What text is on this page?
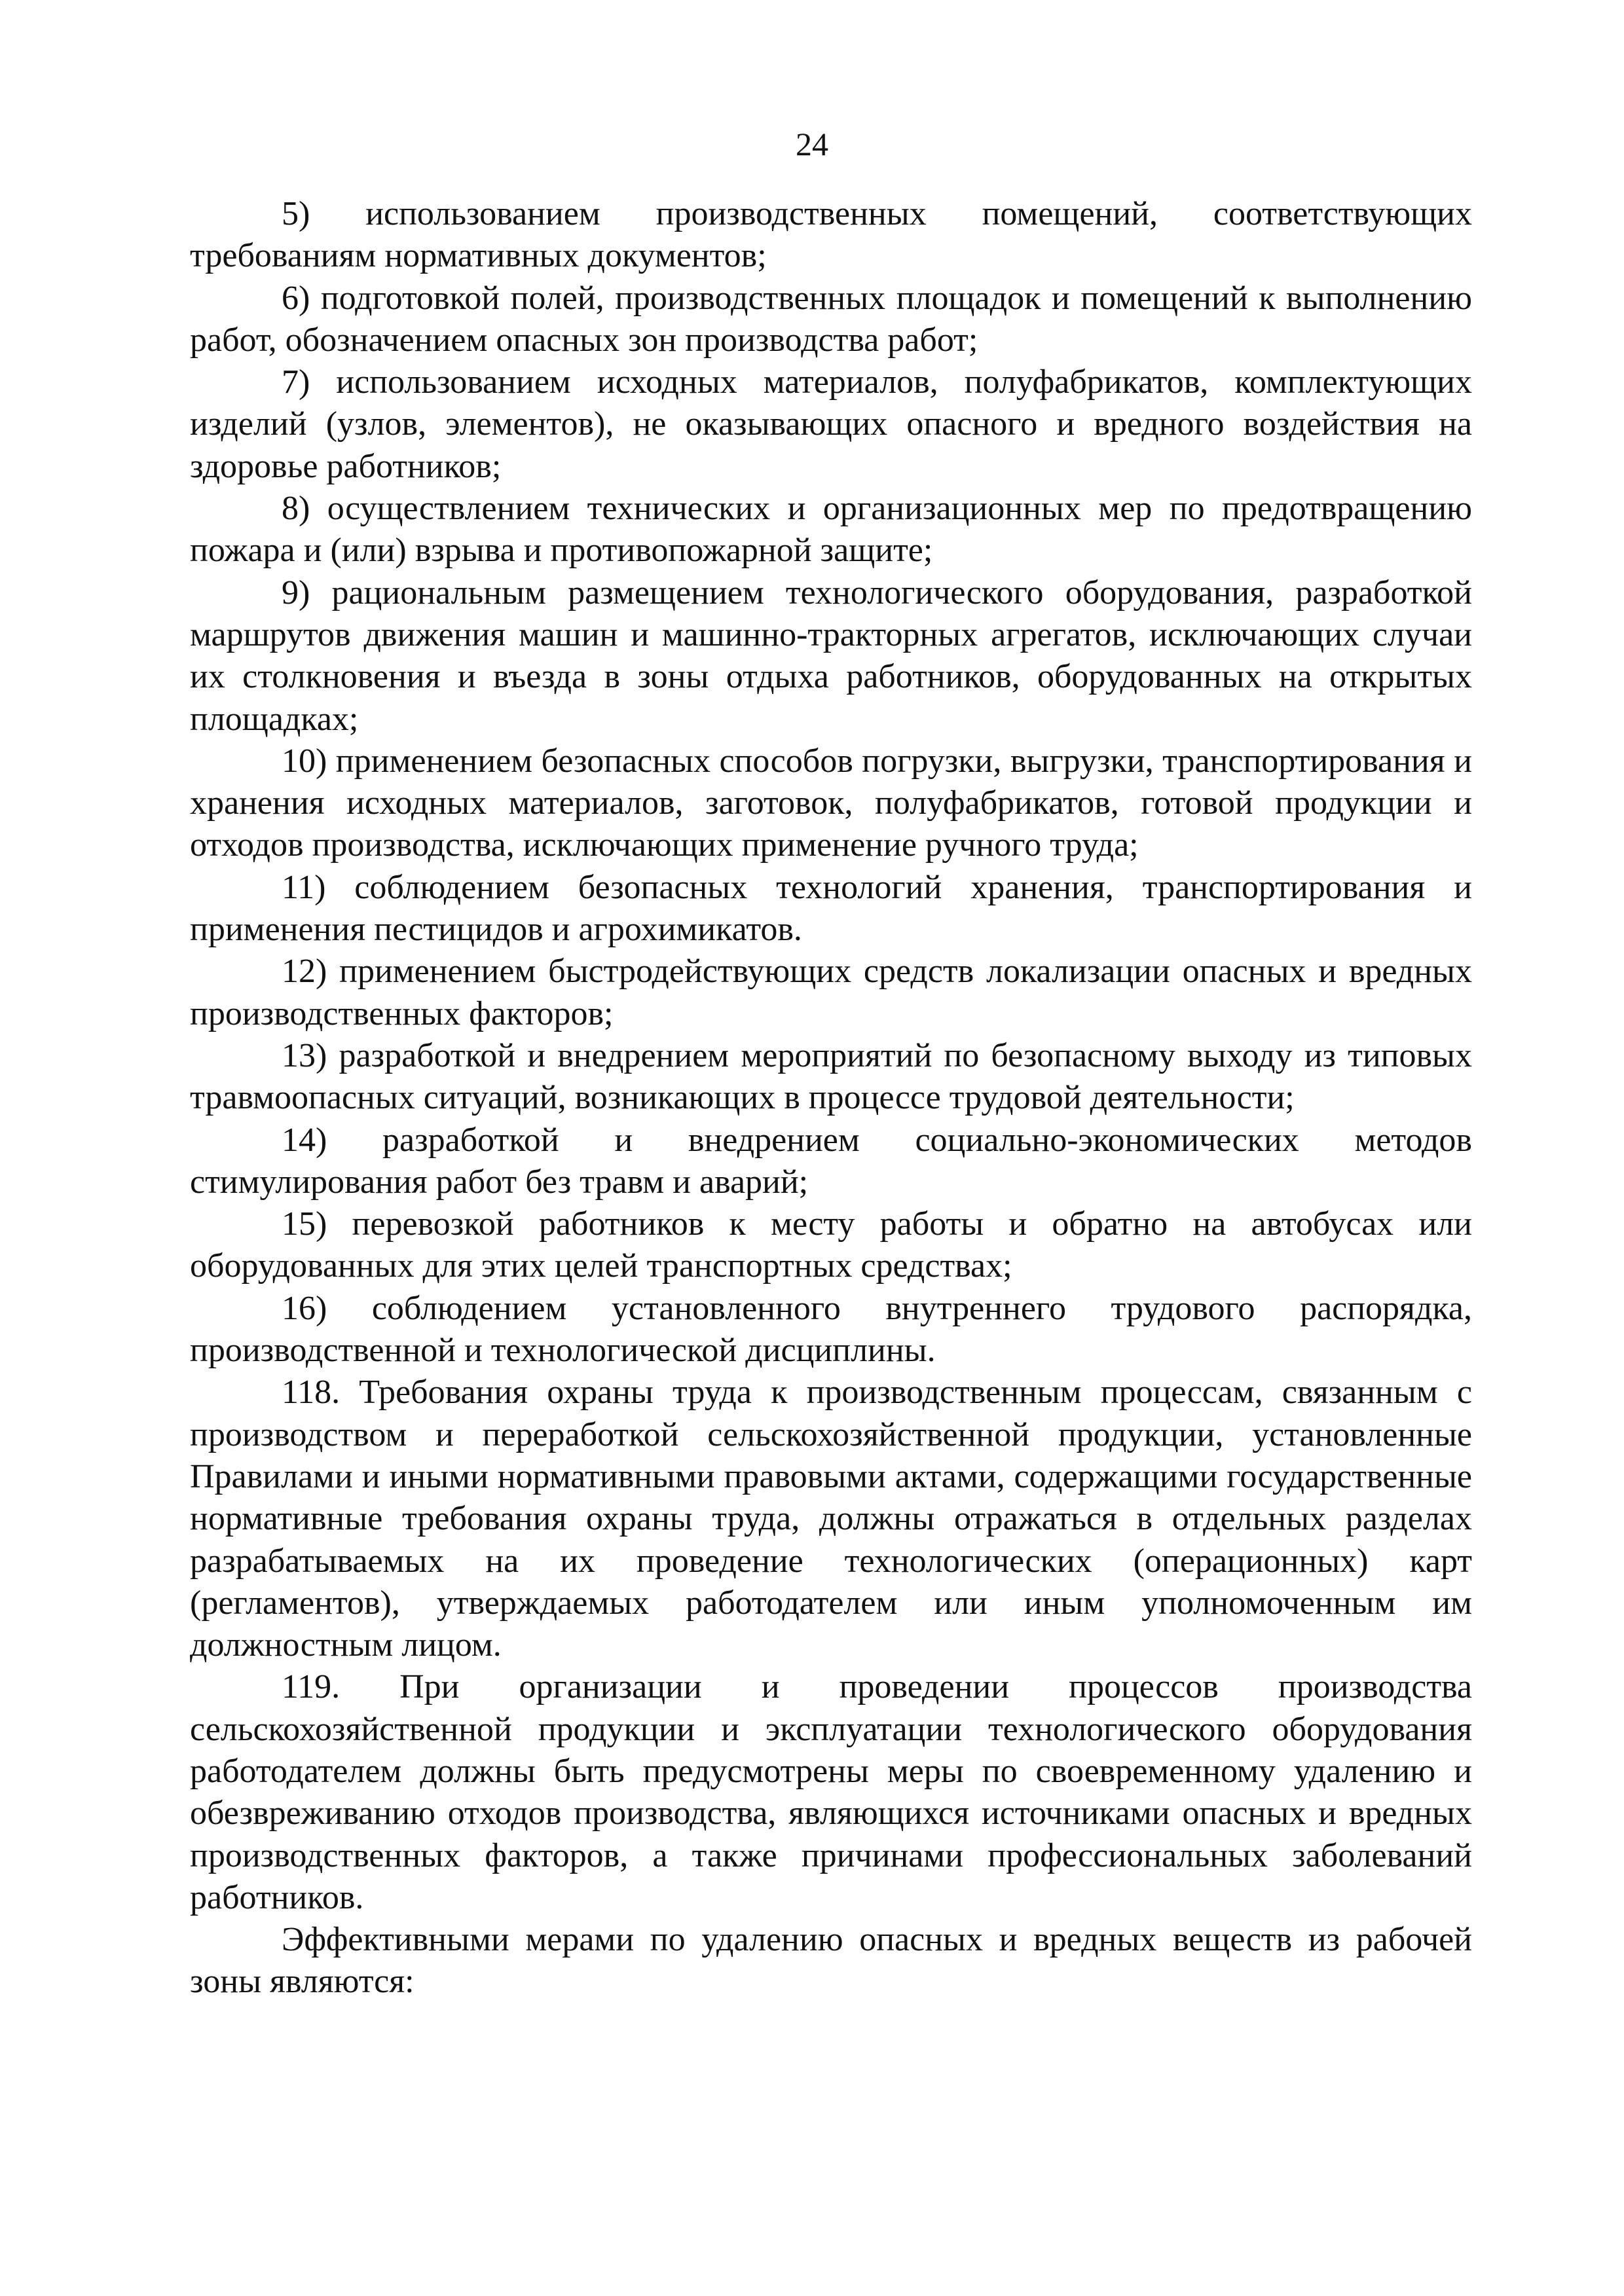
24

5) использованием производственных помещений, соответствующих требованиям нормативных документов;

6) подготовкой полей, производственных площадок и помещений к выполнению работ, обозначением опасных зон производства работ;

7) использованием исходных материалов, полуфабрикатов, комплектующих изделий (узлов, элементов), не оказывающих опасного и вредного воздействия на здоровье работников;

8) осуществлением технических и организационных мер по предотвращению пожара и (или) взрыва и противопожарной защите;

9) рациональным размещением технологического оборудования, разработкой маршрутов движения машин и машинно-тракторных агрегатов, исключающих случаи их столкновения и въезда в зоны отдыха работников, оборудованных на открытых площадках;

10) применением безопасных способов погрузки, выгрузки, транспортирования и хранения исходных материалов, заготовок, полуфабрикатов, готовой продукции и отходов производства, исключающих применение ручного труда;

11) соблюдением безопасных технологий хранения, транспортирования и применения пестицидов и агрохимикатов.

12) применением быстродействующих средств локализации опасных и вредных производственных факторов;

13) разработкой и внедрением мероприятий по безопасному выходу из типовых травмоопасных ситуаций, возникающих в процессе трудовой деятельности;

14) разработкой и внедрением социально-экономических методов стимулирования работ без травм и аварий;

15) перевозкой работников к месту работы и обратно на автобусах или оборудованных для этих целей транспортных средствах;

16) соблюдением установленного внутреннего трудового распорядка, производственной и технологической дисциплины.

118. Требования охраны труда к производственным процессам, связанным с производством и переработкой сельскохозяйственной продукции, установленные Правилами и иными нормативными правовыми актами, содержащими государственные нормативные требования охраны труда, должны отражаться в отдельных разделах разрабатываемых на их проведение технологических (операционных) карт (регламентов), утверждаемых работодателем или иным уполномоченным им должностным лицом.

119. При организации и проведении процессов производства сельскохозяйственной продукции и эксплуатации технологического оборудования работодателем должны быть предусмотрены меры по своевременному удалению и обезвреживанию отходов производства, являющихся источниками опасных и вредных производственных факторов, а также причинами профессиональных заболеваний работников.

Эффективными мерами по удалению опасных и вредных веществ из рабочей зоны являются:
